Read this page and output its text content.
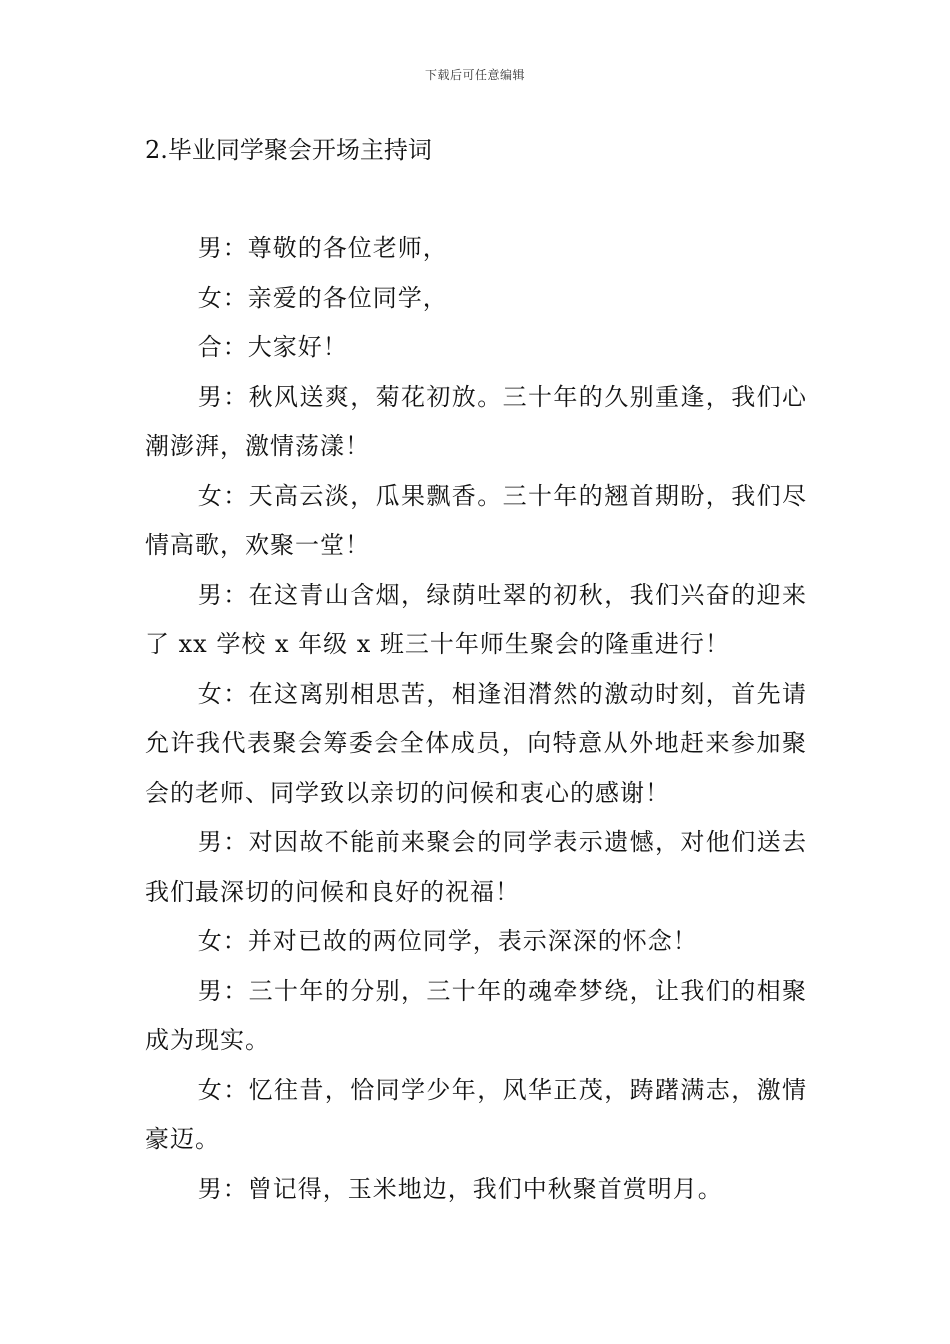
下载后可任意编辑
2.毕业同学聚会开场主持词

男：尊敬的各位老师，

女：亲爱的各位同学，

合：大家好！

男：秋风送爽，菊花初放。三十年的久别重逢，我们心潮澎湃，激情荡漾！

女：天高云淡，瓜果飘香。三十年的翘首期盼，我们尽情高歌，欢聚一堂！

男：在这青山含烟，绿荫吐翠的初秋，我们兴奋的迎来了 xx 学校 x 年级 x 班三十年师生聚会的隆重进行！

女：在这离别相思苦，相逢泪潸然的激动时刻，首先请允许我代表聚会筹委会全体成员，向特意从外地赶来参加聚会的老师、同学致以亲切的问候和衷心的感谢！

男：对因故不能前来聚会的同学表示遗憾，对他们送去我们最深切的问候和良好的祝福！

女：并对已故的两位同学，表示深深的怀念！

男：三十年的分别，三十年的魂牵梦绕，让我们的相聚成为现实。

女：忆往昔，恰同学少年，风华正茂，踌躇满志，激情豪迈。

男：曾记得，玉米地边，我们中秋聚首赏明月。
